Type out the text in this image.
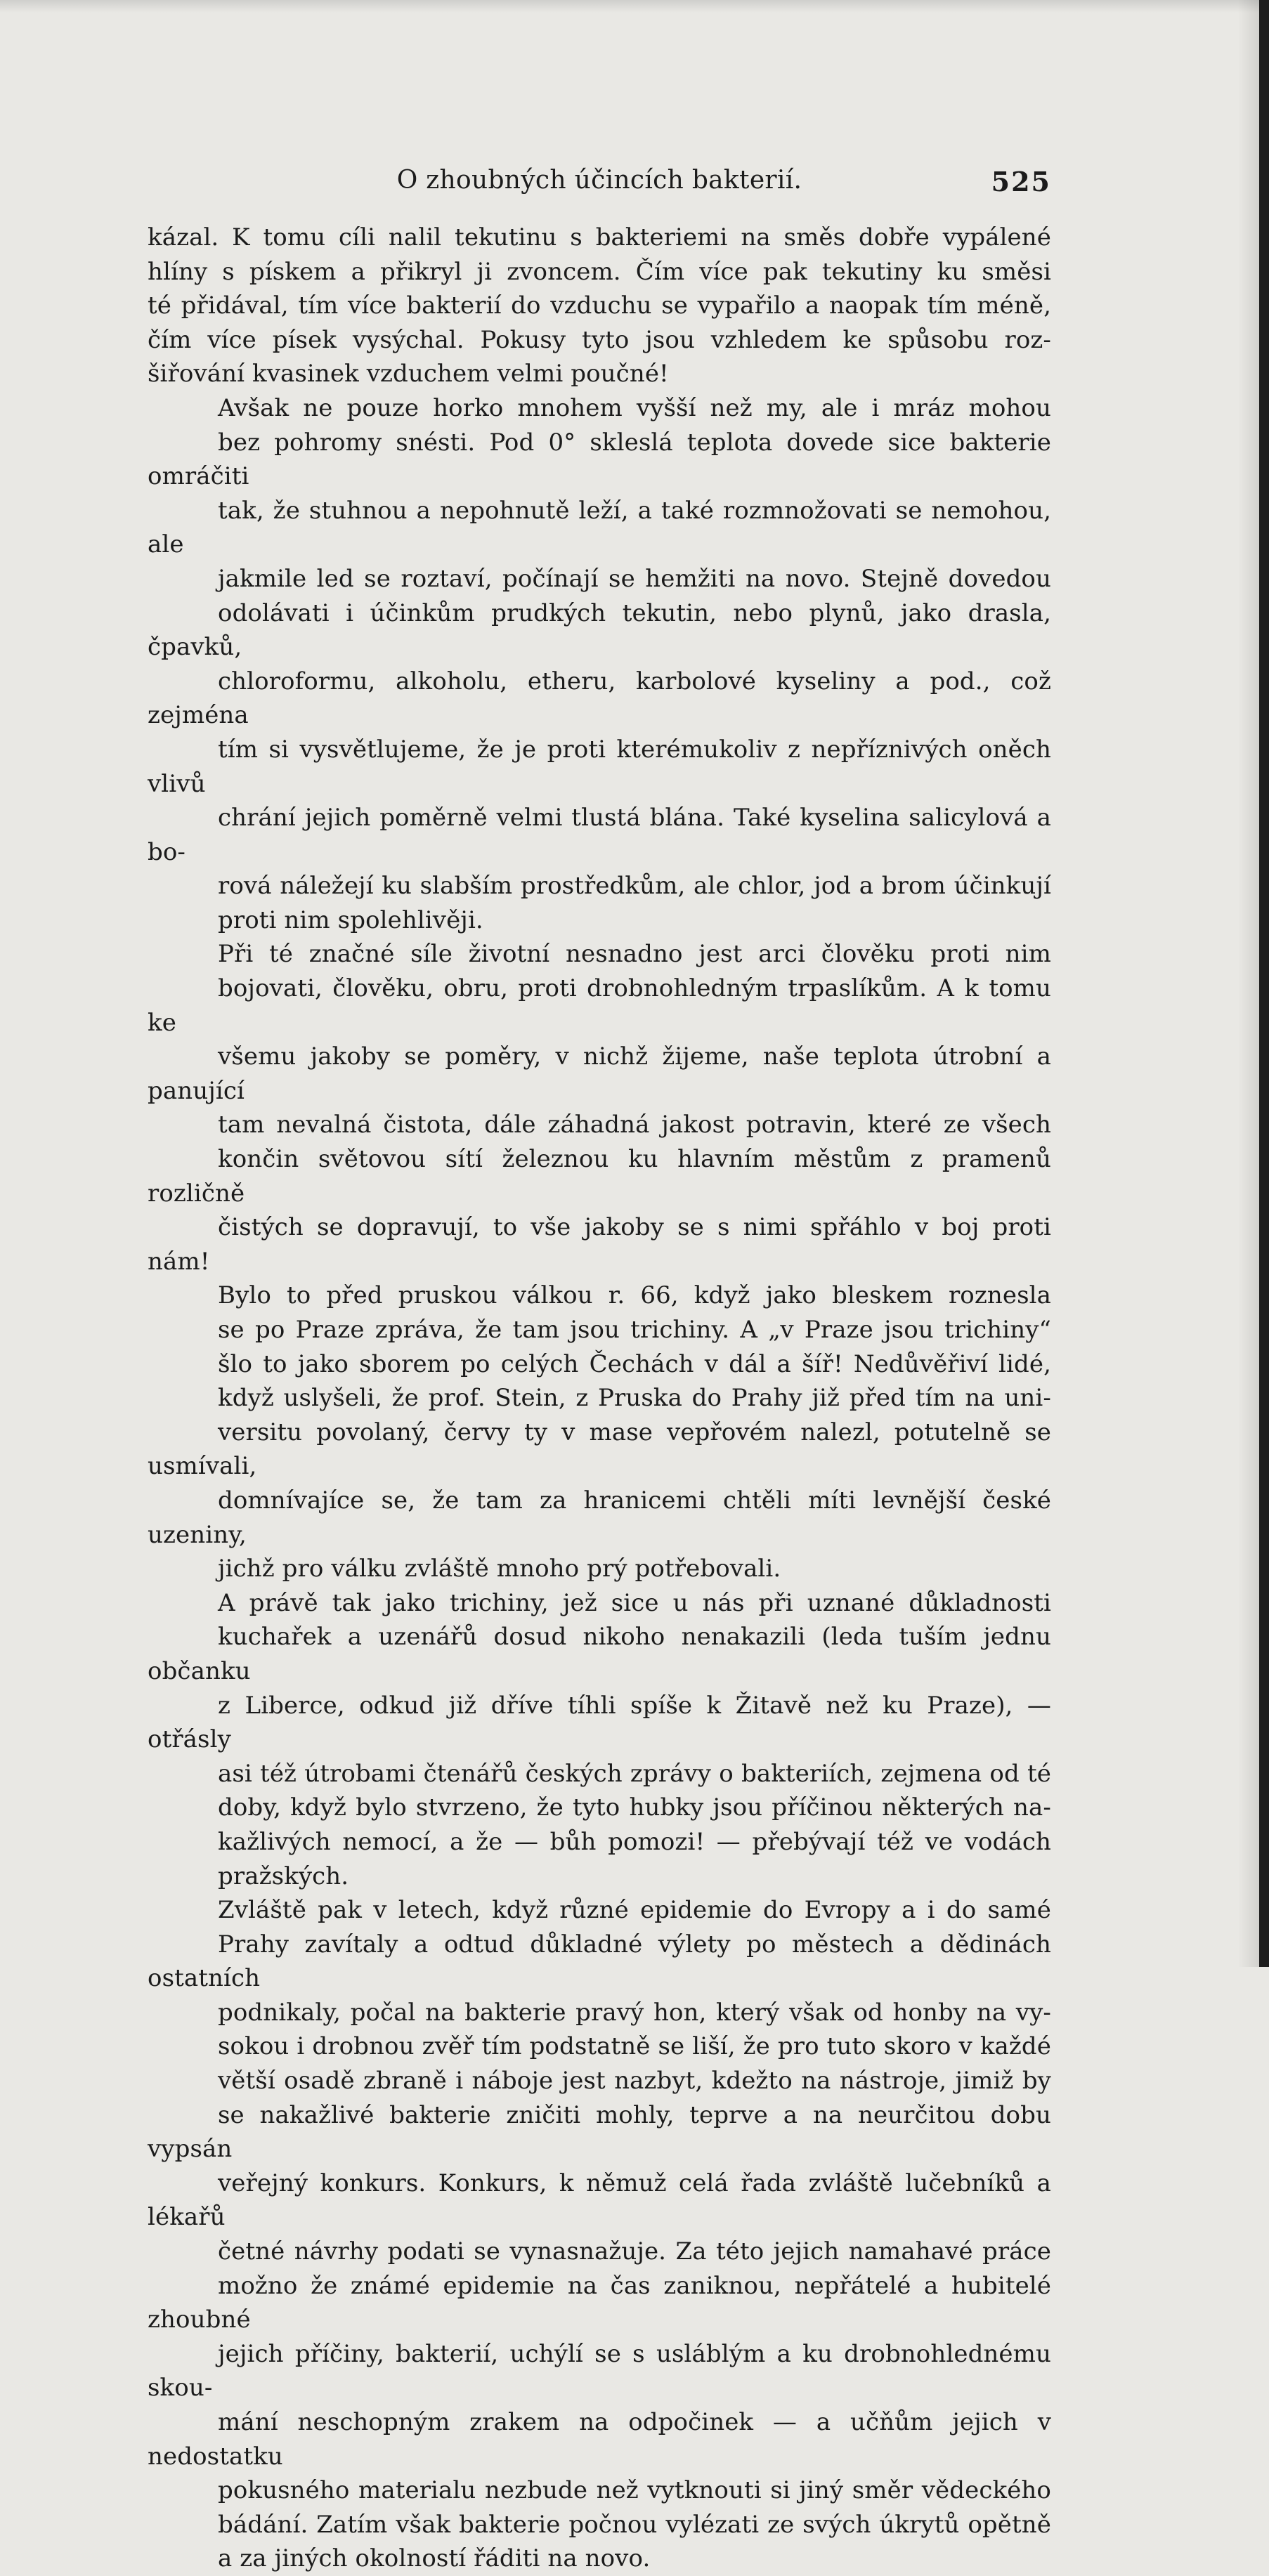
O zhoubných účincích bakterií.	525
kázal. K tomu cíli nalil tekutinu s bakteriemi na směs dobře vypálené
hlíny s pískem a přikryl ji zvoncem. Čím více pak tekutiny ku směsi
té přidával, tím více bakterií do vzduchu se vypařilo a naopak tím méně,
čím více písek vysýchal. Pokusy tyto jsou vzhledem ke spůsobu roz-
šiřování kvasinek vzduchem velmi poučné!
Avšak ne pouze horko mnohem vyšší než my, ale i mráz mohou
bez pohromy snésti. Pod 0° skleslá teplota dovede sice bakterie omráčiti
tak, že stuhnou a nepohnutě leží, a také rozmnožovati se nemohou, ale
jakmile led se roztaví, počínají se hemžiti na novo. Stejně dovedou
odolávati i účinkům prudkých tekutin, nebo plynů, jako drasla, čpavků,
chloroformu, alkoholu, etheru, karbolové kyseliny a pod., což zejména
tím si vysvětlujeme, že je proti kterémukoliv z nepříznivých oněch vlivů
chrání jejich poměrně velmi tlustá blána. Také kyselina salicylová a bo-
rová náležejí ku slabším prostředkům, ale chlor, jod a brom účinkují
proti nim spolehlivěji.
Při té značné síle životní nesnadno jest arci člověku proti nim
bojovati, člověku, obru, proti drobnohledným trpaslíkům. A k tomu ke
všemu jakoby se poměry, v nichž žijeme, naše teplota útrobní a panující
tam nevalná čistota, dále záhadná jakost potravin, které ze všech
končin světovou sítí železnou ku hlavním městům z pramenů rozličně
čistých se dopravují, to vše jakoby se s nimi spřáhlo v boj proti nám!
Bylo to před pruskou válkou r. 66, když jako bleskem roznesla
se po Praze zpráva, že tam jsou trichiny. A „v Praze jsou trichiny“
šlo to jako sborem po celých Čechách v dál a šíř! Nedůvěřiví lidé,
když uslyšeli, že prof. Stein, z Pruska do Prahy již před tím na uni-
versitu povolaný, červy ty v mase vepřovém nalezl, potutelně se usmívali,
domnívajíce se, že tam za hranicemi chtěli míti levnější české uzeniny,
jichž pro válku zvláště mnoho prý potřebovali.
A právě tak jako trichiny, jež sice u nás při uznané důkladnosti
kuchařek a uzenářů dosud nikoho nenakazili (leda tuším jednu občanku
z Liberce, odkud již dříve tíhli spíše k Žitavě než ku Praze), — otřásly
asi též útrobami čtenářů českých zprávy o bakteriích, zejmena od té
doby, když bylo stvrzeno, že tyto hubky jsou příčinou některých na-
kažlivých nemocí, a že — bůh pomozi! — přebývají též ve vodách
pražských.
Zvláště pak v letech, když různé epidemie do Evropy a i do samé
Prahy zavítaly a odtud důkladné výlety po městech a dědinách ostatních
podnikaly, počal na bakterie pravý hon, který však od honby na vy-
sokou i drobnou zvěř tím podstatně se liší, že pro tuto skoro v každé
větší osadě zbraně i náboje jest nazbyt, kdežto na nástroje, jimiž by
se nakažlivé bakterie zničiti mohly, teprve a na neurčitou dobu vypsán
veřejný konkurs. Konkurs, k němuž celá řada zvláště lučebníků a lékařů
četné návrhy podati se vynasnažuje. Za této jejich namahavé práce
možno že známé epidemie na čas zaniknou, nepřátelé a hubitelé zhoubné
jejich příčiny, bakterií, uchýlí se s usláblým a ku drobnohlednému skou-
mání neschopným zrakem na odpočinek — a učňům jejich v nedostatku
pokusného materialu nezbude než vytknouti si jiný směr vědeckého
bádání. Zatím však bakterie počnou vylézati ze svých úkrytů opětně
a za jiných okolností řáditi na novo.
